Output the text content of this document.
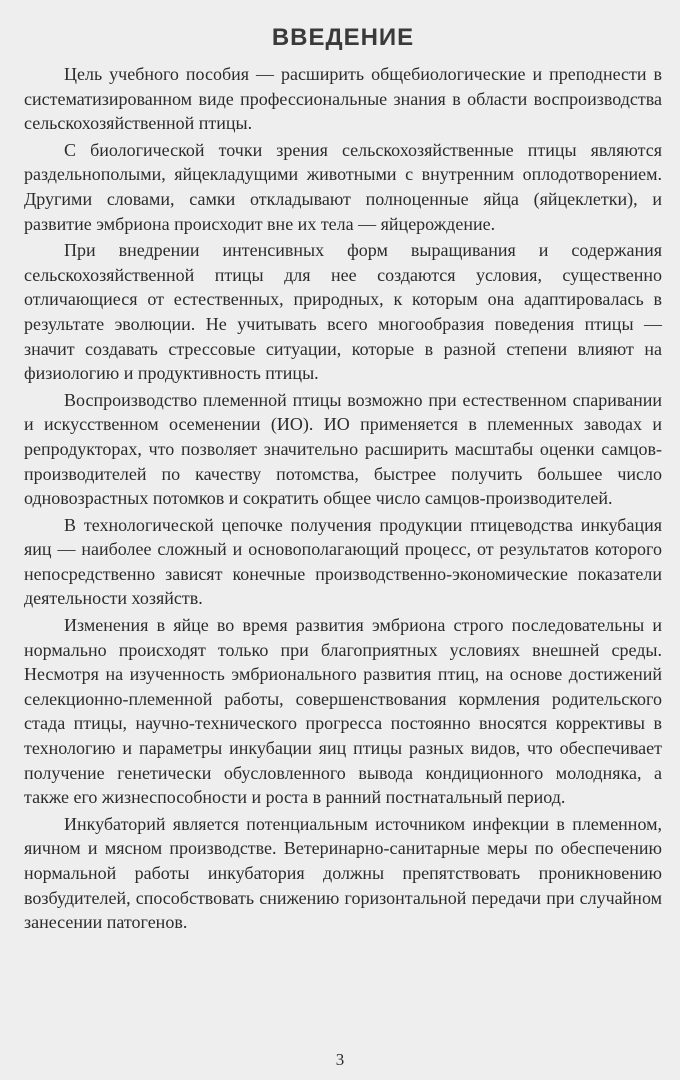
ВВЕДЕНИЕ

Цель учебного пособия — расширить общебиологические и преподнести в систематизированном виде профессиональные знания в области воспроизводства сельскохозяйственной птицы.

С биологической точки зрения сельскохозяйственные птицы являются раздельнополыми, яйцекладущими животными с внутренним оплодотворением. Другими словами, самки откладывают полноценные яйца (яйцеклетки), и развитие эмбриона происходит вне их тела — яйцерождение.

При внедрении интенсивных форм выращивания и содержания сельскохозяйственной птицы для нее создаются условия, существенно отличающиеся от естественных, природных, к которым она адаптировалась в результате эволюции. Не учитывать всего многообразия поведения птицы — значит создавать стрессовые ситуации, которые в разной степени влияют на физиологию и продуктивность птицы.

Воспроизводство племенной птицы возможно при естественном спаривании и искусственном осеменении (ИО). ИО применяется в племенных заводах и репродукторах, что позволяет значительно расширить масштабы оценки самцов-производителей по качеству потомства, быстрее получить большее число одновозрастных потомков и сократить общее число самцов-производителей.

В технологической цепочке получения продукции птицеводства инкубация яиц — наиболее сложный и основополагающий процесс, от результатов которого непосредственно зависят конечные производственно-экономические показатели деятельности хозяйств.

Изменения в яйце во время развития эмбриона строго последовательны и нормально происходят только при благоприятных условиях внешней среды. Несмотря на изученность эмбрионального развития птиц, на основе достижений селекционно-племенной работы, совершенствования кормления родительского стада птицы, научно-технического прогресса постоянно вносятся коррективы в технологию и параметры инкубации яиц птицы разных видов, что обеспечивает получение генетически обусловленного вывода кондиционного молодняка, а также его жизнеспособности и роста в ранний постнатальный период.

Инкубаторий является потенциальным источником инфекции в племенном, яичном и мясном производстве. Ветеринарно-санитарные меры по обеспечению нормальной работы инкубатория должны препятствовать проникновению возбудителей, способствовать снижению горизонтальной передачи при случайном занесении патогенов.

3
